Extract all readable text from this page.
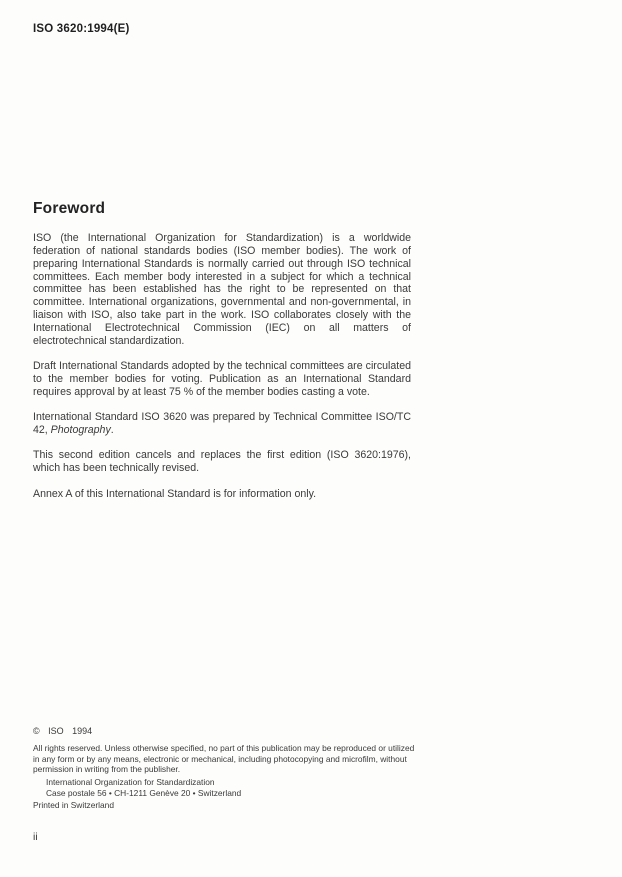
ISO 3620:1994(E)
Foreword

ISO (the International Organization for Standardization) is a worldwide federation of national standards bodies (ISO member bodies). The work of preparing International Standards is normally carried out through ISO technical committees. Each member body interested in a subject for which a technical committee has been established has the right to be represented on that committee. International organizations, governmental and non-governmental, in liaison with ISO, also take part in the work. ISO collaborates closely with the International Electrotechnical Commission (IEC) on all matters of electrotechnical standardization.

Draft International Standards adopted by the technical committees are circulated to the member bodies for voting. Publication as an International Standard requires approval by at least 75 % of the member bodies casting a vote.

International Standard ISO 3620 was prepared by Technical Committee ISO/TC 42, Photography.

This second edition cancels and replaces the first edition (ISO 3620:1976), which has been technically revised.

Annex A of this International Standard is for information only.

© ISO 1994
All rights reserved. Unless otherwise specified, no part of this publication may be reproduced or utilized in any form or by any means, electronic or mechanical, including photocopying and microfilm, without permission in writing from the publisher.
International Organization for Standardization
Case postale 56 • CH-1211 Genève 20 • Switzerland
Printed in Switzerland
ii
